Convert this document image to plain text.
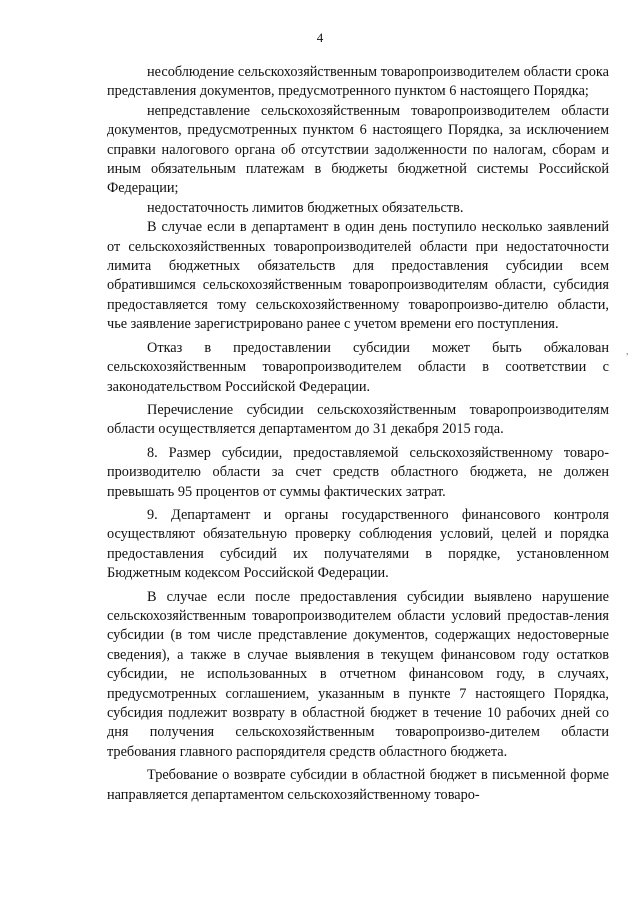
4

несоблюдение сельскохозяйственным товаропроизводителем области срока представления документов, предусмотренного пунктом 6 настоящего Порядка;

непредставление сельскохозяйственным товаропроизводителем области документов, предусмотренных пунктом 6 настоящего Порядка, за исключением справки налогового органа об отсутствии задолженности по налогам, сборам и иным обязательным платежам в бюджеты бюджетной системы Российской Федерации;

недостаточность лимитов бюджетных обязательств.

В случае если в департамент в один день поступило несколько заявлений от сельскохозяйственных товаропроизводителей области при недостаточности лимита бюджетных обязательств для предоставления субсидии всем обратившимся сельскохозяйственным товаропроизводителям области, субсидия предоставляется тому сельскохозяйственному товаропроизво-дителю области, чье заявление зарегистрировано ранее с учетом времени его поступления.

Отказ в предоставлении субсидии может быть обжалован сельскохозяйственным товаропроизводителем области в соответствии с законодательством Российской Федерации.

Перечисление субсидии сельскохозяйственным товаропроизводителям области осуществляется департаментом до 31 декабря 2015 года.

8. Размер субсидии, предоставляемой сельскохозяйственному товаро-производителю области за счет средств областного бюджета, не должен превышать 95 процентов от суммы фактических затрат.

9. Департамент и органы государственного финансового контроля осуществляют обязательную проверку соблюдения условий, целей и порядка предоставления субсидий их получателями в порядке, установленном Бюджетным кодексом Российской Федерации.

В случае если после предоставления субсидии выявлено нарушение сельскохозяйственным товаропроизводителем области условий предостав-ления субсидии (в том числе представление документов, содержащих недостоверные сведения), а также в случае выявления в текущем финансовом году остатков субсидии, не использованных в отчетном финансовом году, в случаях, предусмотренных соглашением, указанным в пункте 7 настоящего Порядка, субсидия подлежит возврату в областной бюджет в течение 10 рабочих дней со дня получения сельскохозяйственным товаропроизво-дителем области требования главного распорядителя средств областного бюджета.

Требование о возврате субсидии в областной бюджет в письменной форме направляется департаментом сельскохозяйственному товаро-

,
